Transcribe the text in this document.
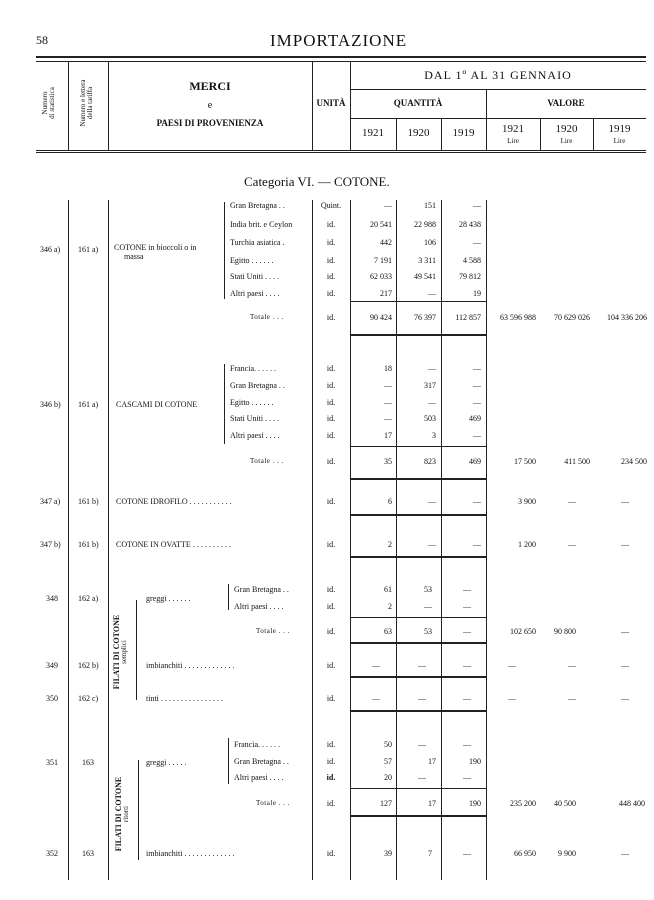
58	IMPORTAZIONE
Numero di statistica	Numero e lettera della tariffa
MERCI
e
PAESI DI PROVENIENZA
UNITÀ
DAL 1º AL 31 GENNAIO
QUANTITÀ	VALORE
1921	1920	1919	1921	1920	1919
Lire	Lire	Lire
Categoria VI. — COTONE.
346 a) 161 a) COTONE in bioccoli o in
massa
Gran Bretagna . .	Quint.	—	151	—
India brit. e Ceylon	id.	20 541	22 988	28 438
Turchia asiatica .	id.	442	106	—
Egitto . . . . . .	id.	7 191	3 311	4 588
Stati Uniti . . . .	id.	62 033	49 541	79 812
Altri paesi . . . .	id.	217	—	19
Totale . . .	id.	90 424	76 397	112 857	63 596 988	70 629 026	104 336 206
346 b) 161 a) CASCAMI DI COTONE
Francia. . . . . .	id.	18	—	—
Gran Bretagna . .	id.	—	317	—
Egitto . . . . . .	id.	—	—	—
Stati Uniti . . . .	id.	—	503	469
Altri paesi . . . .	id.	17	3	—
Totale . . .	id.	35	823	469	17 500	411 500	234 500
347 a) 161 b) COTONE IDROFILO . . . . . . . . . . .	id.	6	—	—	3 900	—	—
347 b) 161 b) COTONE IN OVATTE . . . . . . . . . .	id.	2	—	—	1 200	—	—
FILATI DI COTONE semplici
348	162 a)	greggi . . . . . .
Gran Bretagna . .	id.	61	53	—
Altri paesi . . . .	id.	2	—	—
Totale . . .	id.	63	53	—	102 650	90 800	—
349	162 b)	imbianchiti . . . . . . . . . . . . .	id.	—	—	—	—	—	—
350	162 c)	tinti . . . . . . . . . . . . . . . .	id.	—	—	—	—	—	—
FILATI DI COTONE ritorti
351	163	greggi . . . . .
Francia. . . . . .	id.	50	—	—
Gran Bretagna . .	id.	57	17	190
Altri paesi . . . .	id.	20	—	—
Totale . . .	id.	127	17	190	235 200	40 500	448 400
352	163	imbianchiti . . . . . . . . . . . . .	id.	39	7	—	66 950	9 900	—
